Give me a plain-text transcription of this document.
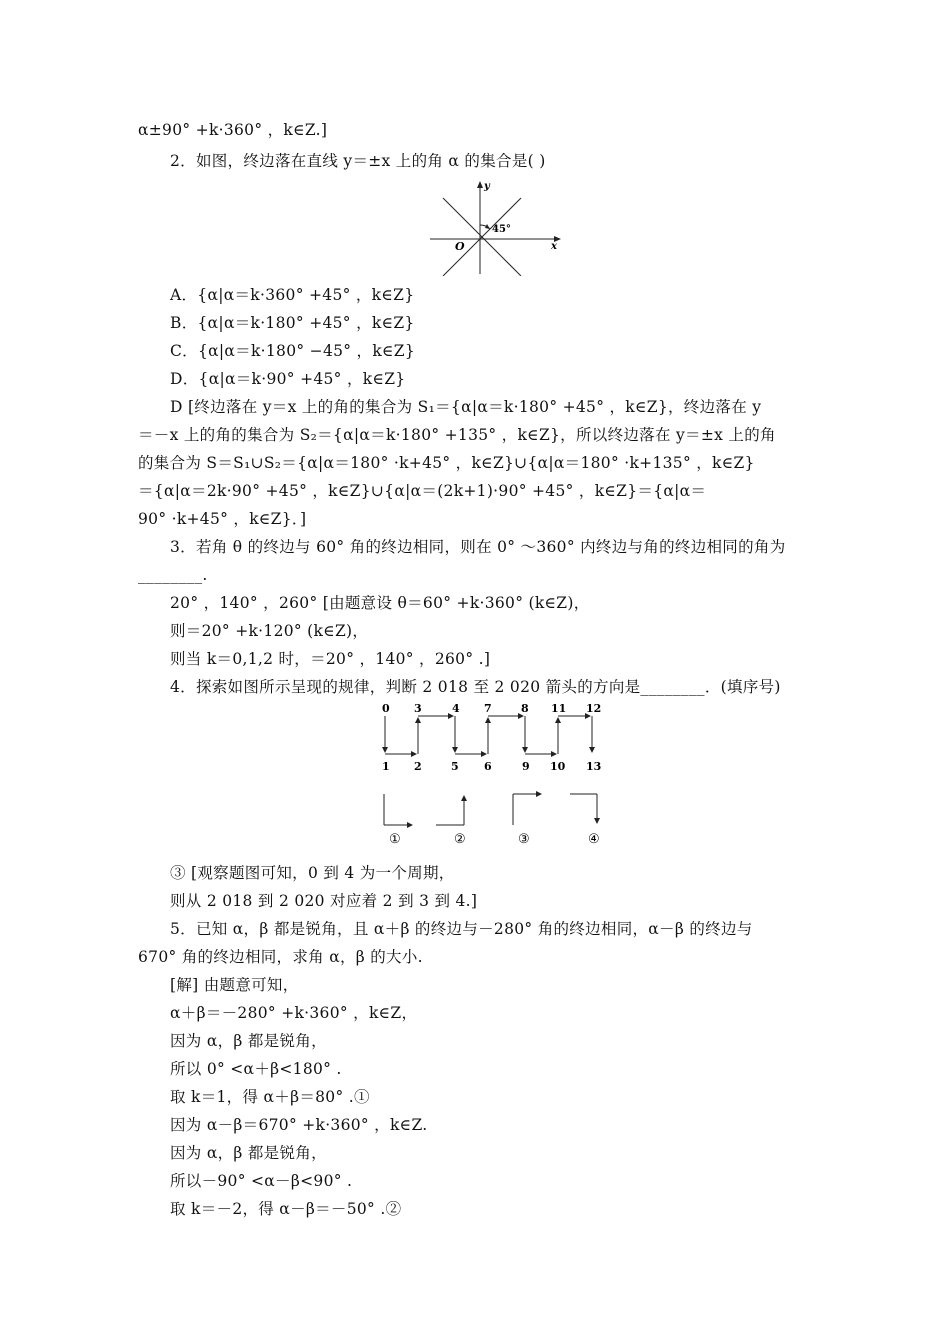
α±90° +k·360° ，k∈Z.]
2．如图，终边落在直线 y＝±x 上的角 α 的集合是( )
y
x
O
45°
A．{α|α＝k·360° +45° ，k∈Z}
B．{α|α＝k·180° +45° ，k∈Z}
C．{α|α＝k·180° −45° ，k∈Z}
D．{α|α＝k·90° +45° ，k∈Z}
D [终边落在 y＝x 上的角的集合为 S₁＝{α|α＝k·180° +45° ，k∈Z}，终边落在 y
＝－x 上的角的集合为 S₂＝{α|α＝k·180° +135° ，k∈Z}，所以终边落在 y＝±x 上的角
的集合为 S＝S₁∪S₂＝{α|α＝180° ·k+45° ，k∈Z}∪{α|α＝180° ·k+135° ，k∈Z}
＝{α|α＝2k·90° +45° ，k∈Z}∪{α|α＝(2k+1)·90° +45° ，k∈Z}＝{α|α＝
90° ·k+45° ，k∈Z}．]
3．若角 θ 的终边与 60° 角的终边相同，则在 0° ～360° 内终边与角的终边相同的角为
________.
20° ，140° ，260° [由题意设 θ＝60° +k·360° (k∈Z)，
则＝20° +k·120° (k∈Z)，
则当 k＝0,1,2 时，＝20° ，140° ，260° .]
4．探索如图所示呈现的规律，判断 2 018 至 2 020 箭头的方向是________．(填序号)
0 3	4 7	8 11 12
1 2	5 6	9 10 13
①	②	③	④
③ [观察题图可知，0 到 4 为一个周期，
则从 2 018 到 2 020 对应着 2 到 3 到 4.]
5．已知 α，β 都是锐角，且 α＋β 的终边与－280° 角的终边相同，α－β 的终边与
670° 角的终边相同，求角 α，β 的大小.
[解] 由题意可知，
α＋β＝－280° +k·360° ，k∈Z，
因为 α，β 都是锐角，
所以 0° <α＋β<180° .
取 k＝1，得 α＋β＝80° .①
因为 α－β＝670° +k·360° ，k∈Z.
因为 α，β 都是锐角，
所以－90° <α－β<90° .
取 k＝－2，得 α－β＝－50° .②
